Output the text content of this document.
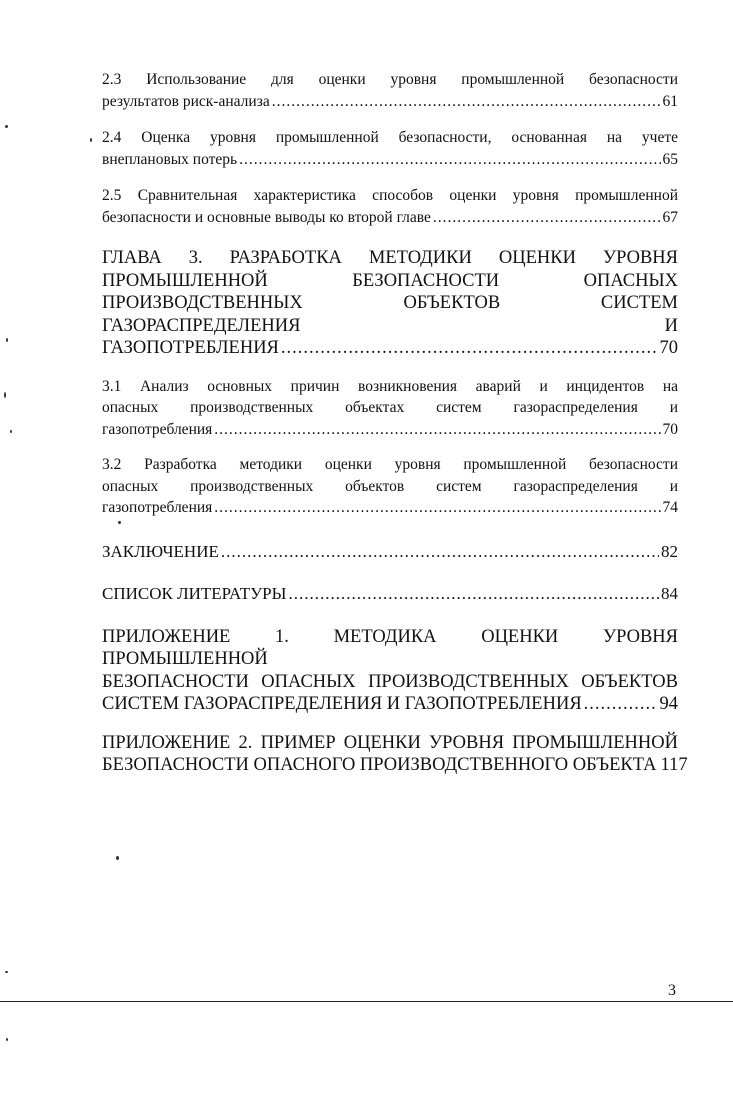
2.3 Использование для оценки уровня промышленной безопасности
результатов риск-анализа .....	61
2.4 Оценка уровня промышленной безопасности, основанная на учете
внеплановых потерь .....	65
2.5 Сравнительная характеристика способов оценки уровня промышленной
безопасности и основные выводы ко второй главе .....	67
ГЛАВА 3. РАЗРАБОТКА МЕТОДИКИ ОЦЕНКИ УРОВНЯ
ПРОМЫШЛЕННОЙ БЕЗОПАСНОСТИ ОПАСНЫХ
ПРОИЗВОДСТВЕННЫХ ОБЪЕКТОВ СИСТЕМ ГАЗОРАСПРЕДЕЛЕНИЯ И
ГАЗОПОТРЕБЛЕНИЯ .....	70
3.1 Анализ основных причин возникновения аварий и инцидентов на
опасных производственных объектах систем газораспределения и
газопотребления .....	70
3.2 Разработка методики оценки уровня промышленной безопасности
опасных производственных объектов систем газораспределения и
газопотребления .....	74
ЗАКЛЮЧЕНИЕ .....	82
СПИСОК ЛИТЕРАТУРЫ .....	84
ПРИЛОЖЕНИЕ 1. МЕТОДИКА ОЦЕНКИ УРОВНЯ ПРОМЫШЛЕННОЙ
БЕЗОПАСНОСТИ ОПАСНЫХ ПРОИЗВОДСТВЕННЫХ ОБЪЕКТОВ
СИСТЕМ ГАЗОРАСПРЕДЕЛЕНИЯ И ГАЗОПОТРЕБЛЕНИЯ .....	94
ПРИЛОЖЕНИЕ 2. ПРИМЕР ОЦЕНКИ УРОВНЯ ПРОМЫШЛЕННОЙ
БЕЗОПАСНОСТИ ОПАСНОГО ПРОИЗВОДСТВЕННОГО ОБЪЕКТА 117
3
